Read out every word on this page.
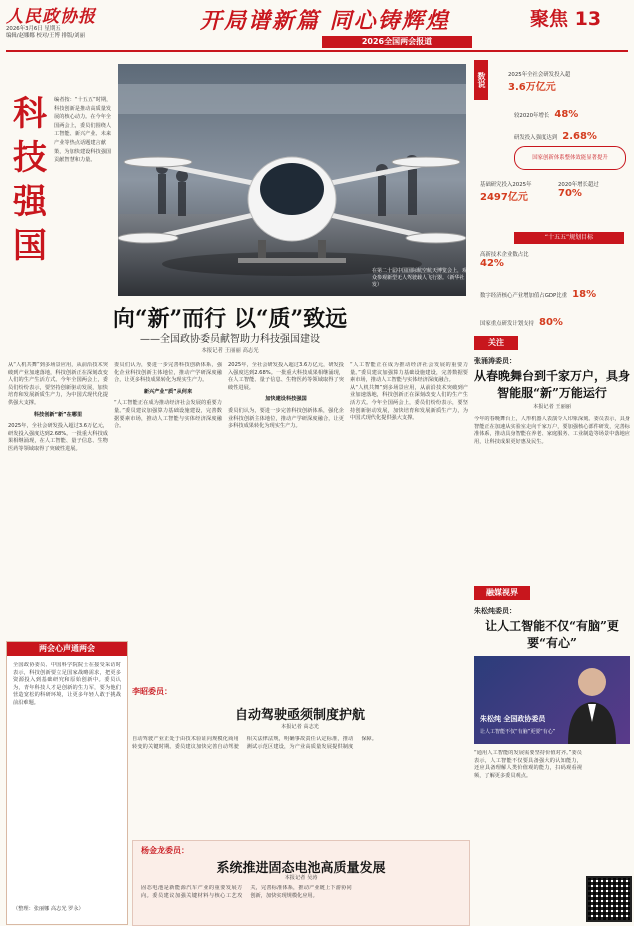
人民政协报
2026年3月6日 星期五
编辑/赵娜娜 校对/王博 排版/刘丽
开局谱新篇 同心铸辉煌	聚焦 13
2026全国两会报道
科
技
强
国
编者按：“十五五”时期，科技创新是推动高质量发展的核心动力。在今年全国两会上，委员们围绕人工智能、新兴产业、未来产业等热点话题建言献策，为加快建设科技强国贡献智慧和力量。
在第二十届中国国际航空航天博览会上，观众参观新型无人驾驶载人飞行器。（新华社发）
向“新”而行 以“质”致远
——全国政协委员献智助力科技强国建设
本报记者 王丽丽 高志光
从“人机共舞”到多场景应用，从前沿技术突破到产业加速落地，科技创新正在深刻改变人们的生产生活方式。今年全国两会上，委员们纷纷表示，要坚持创新驱动发展，加快培育和发展新质生产力，为中国式现代化提供强大支撑。
科技创新“新”在哪里
2025年，全社会研发投入超过3.6万亿元，研发投入强度达到2.68%。一批重大科技成果相继涌现，在人工智能、量子信息、生物医药等领域取得了突破性进展。
委员们认为，要进一步完善科技创新体系，强化企业科技创新主体地位，推动产学研深度融合，让更多科技成果转化为现实生产力。
新兴产业“质”从何来
“人工智能正在成为推动经济社会发展的重要力量。”委员建议加强算力基础设施建设，完善数据要素市场，推动人工智能与实体经济深度融合。
2025年，全社会研发投入超过3.6万亿元，研发投入强度达到2.68%。一批重大科技成果相继涌现，在人工智能、量子信息、生物医药等领域取得了突破性进展。
加快建设科技强国
委员们认为，要进一步完善科技创新体系，强化企业科技创新主体地位，推动产学研深度融合，让更多科技成果转化为现实生产力。
“人工智能正在成为推动经济社会发展的重要力量。”委员建议加强算力基础设施建设，完善数据要素市场，推动人工智能与实体经济深度融合。
从“人机共舞”到多场景应用，从前沿技术突破到产业加速落地，科技创新正在深刻改变人们的生产生活方式。今年全国两会上，委员们纷纷表示，要坚持创新驱动发展，加快培育和发展新质生产力，为中国式现代化提供强大支撑。
数说	2025年全社会研发投入超
3.6万亿元
较2020年增长 48%
研发投入强度达到 2.68%
国家创新体系整体效能显著提升
基础研究投入2025年
2497亿元
2020年增长超过
70%
“十五五”规划目标
高新技术企业数占比
42%
数字经济核心产业增加值占GDP比重 18%
国家重点研发计划支持 80%
两会心声通两会
全国政协委员、中国科学院院士在接受采访时表示，科技创新要立足国家战略需求，把更多资源投入到基础研究和原始创新中。委员认为，青年科技人才是创新的生力军，要为他们营造宽松的科研环境，让更多年轻人敢于挑战前沿难题。
（整理：张丽娜 高志光 罗永）
李昭委员：
自动驾驶亟须制度护航
本报记者 高志光
自动驾驶产业正处于由技术验证向规模化商用转变的关键时期。委员建议加快完善自动驾驶相关法律法规，明确事故责任认定标准，推动测试示范区建设，为产业高质量发展提供制度保障。
杨金龙委员：
系统推进固态电池高质量发展
本报记者 吴涛
固态电池是新能源汽车产业的重要发展方向。委员建议加强关键材料与核心工艺攻关，完善标准体系，推动产业链上下游协同创新，加快实现规模化应用。
关注
张涌涛委员：
从春晚舞台到千家万户，具身智能服“新”万能运行
本报记者 王丽丽
今年的春晚舞台上，人形机器人表演令人印象深刻。委员表示，具身智能正在加速从实验室走向千家万户，要加强核心部件研发，完善标准体系，推动具身智能在养老、家庭服务、工业制造等场景中落地应用，让科技成果更好惠及民生。
融媒视界
朱松纯委员：
让人工智能不仅“有脑”更要“有心”
朱松纯 全国政协委员
让人工智能不仅“有脑”更要“有心”
“通用人工智能的发展需要坚持价值对齐。”委员表示，人工智能不仅要具备强大的认知能力，还应具备理解人类价值观的能力，扫码观看视频，了解更多委员观点。
